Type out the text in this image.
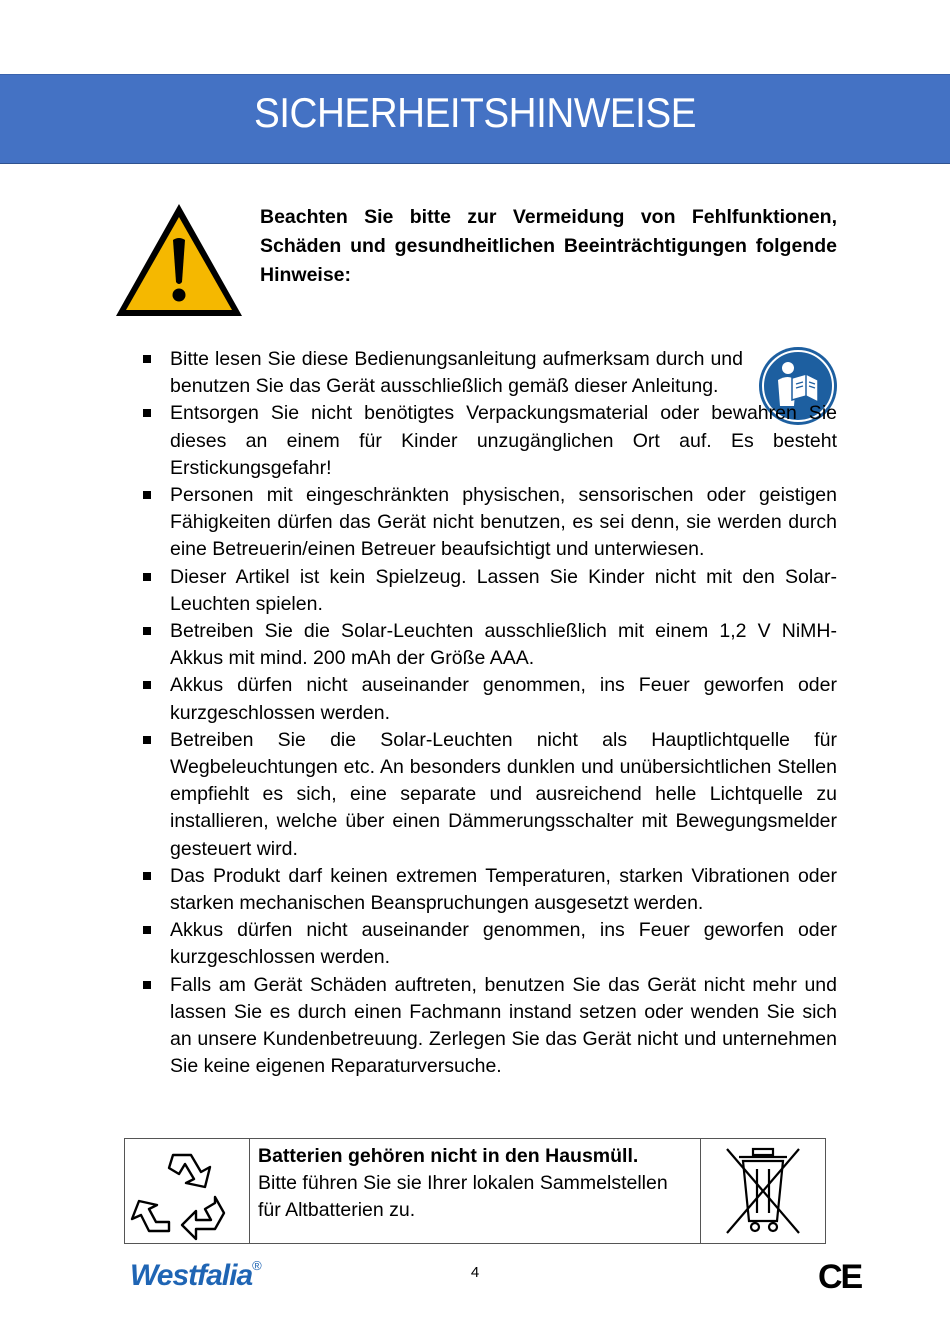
SICHERHEITSHINWEISE
Beachten Sie bitte zur Vermeidung von Fehlfunktionen, Schäden und gesundheitlichen Beeinträchtigungen folgende Hinweise:
Bitte lesen Sie diese Bedienungsanleitung aufmerksam durch und benutzen Sie das Gerät ausschließlich gemäß dieser Anleitung.
Entsorgen Sie nicht benötigtes Verpackungsmaterial oder bewahren Sie dieses an einem für Kinder unzugänglichen Ort auf. Es besteht Erstickungsgefahr!
Personen mit eingeschränkten physischen, sensorischen oder geistigen Fähigkeiten dürfen das Gerät nicht benutzen, es sei denn, sie werden durch eine Betreuerin/einen Betreuer beaufsichtigt und unterwiesen.
Dieser Artikel ist kein Spielzeug. Lassen Sie Kinder nicht mit den Solar-Leuchten spielen.
Betreiben Sie die Solar-Leuchten ausschließlich mit einem 1,2 V NiMH-Akkus mit mind. 200 mAh der Größe AAA.
Akkus dürfen nicht auseinander genommen, ins Feuer geworfen oder kurzgeschlossen werden.
Betreiben Sie die Solar-Leuchten nicht als Hauptlichtquelle für Wegbeleuchtungen etc. An besonders dunklen und unübersichtlichen Stellen empfiehlt es sich, eine separate und ausreichend helle Lichtquelle zu installieren, welche über einen Dämmerungsschalter mit Bewegungsmelder gesteuert wird.
Das Produkt darf keinen extremen Temperaturen, starken Vibrationen oder starken mechanischen Beanspruchungen ausgesetzt werden.
Akkus dürfen nicht auseinander genommen, ins Feuer geworfen oder kurzgeschlossen werden.
Falls am Gerät Schäden auftreten, benutzen Sie das Gerät nicht mehr und lassen Sie es durch einen Fachmann instand setzen oder wenden Sie sich an unsere Kundenbetreuung. Zerlegen Sie das Gerät nicht und unternehmen Sie keine eigenen Reparaturversuche.
Batterien gehören nicht in den Hausmüll.
Bitte führen Sie sie Ihrer lokalen Sammelstellen für Altbatterien zu.
Westfalia®	4	CE
